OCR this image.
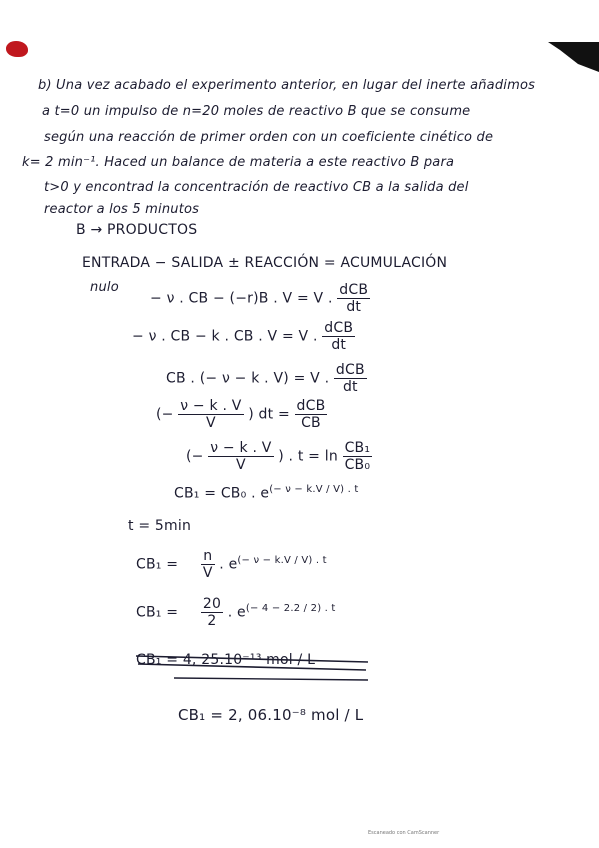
b) Una vez acabado el experimento anterior, en lugar del inerte añadimos
a t=0 un impulso de n=20 moles de reactivo B que se consume
según una reacción de primer orden con un coeficiente cinético de
k= 2 min⁻¹. Haced un balance de materia a este reactivo B para
t>0 y encontrad la concentración de reactivo CB a la salida del
reactor a los 5 minutos
B → PRODUCTOS
ENTRADA − SALIDA ± REACCIÓN = ACUMULACIÓN
nulo
− ν . CB − (−r)B . V = V . $\frac{\text{dCB}}{dt}$
− ν . CB − k . CB . V = V . $\frac{\text{dCB}}{dt}$
CB . (− ν − k . V) = V . $\frac{\text{dCB}}{dt}$
(− $\frac{\nu - k . V}{V}$ ) dt = $\frac{\text{dCB}}{CB}$
(− $\frac{\nu - k . V}{V}$ ) . $t = \ln \frac{\text{CB₁}}{\text{CB₀}}$
CB₁ = CB₀ . $e^{(- \nu - k.V / V) . t}$
t = 5min
$CB_1 = \frac{n}{V}$ . $e^{(- \nu - k.V / V) . t}$
$CB_1 = \frac{20}{2}$ . $e^{(- 4 - 2.2 / 2) . t}$
CB₁ = 4, 25.10⁻¹³ mol / L
CB₁ = 2, 06.10⁻⁸ mol / L
Escaneado con CamScanner
